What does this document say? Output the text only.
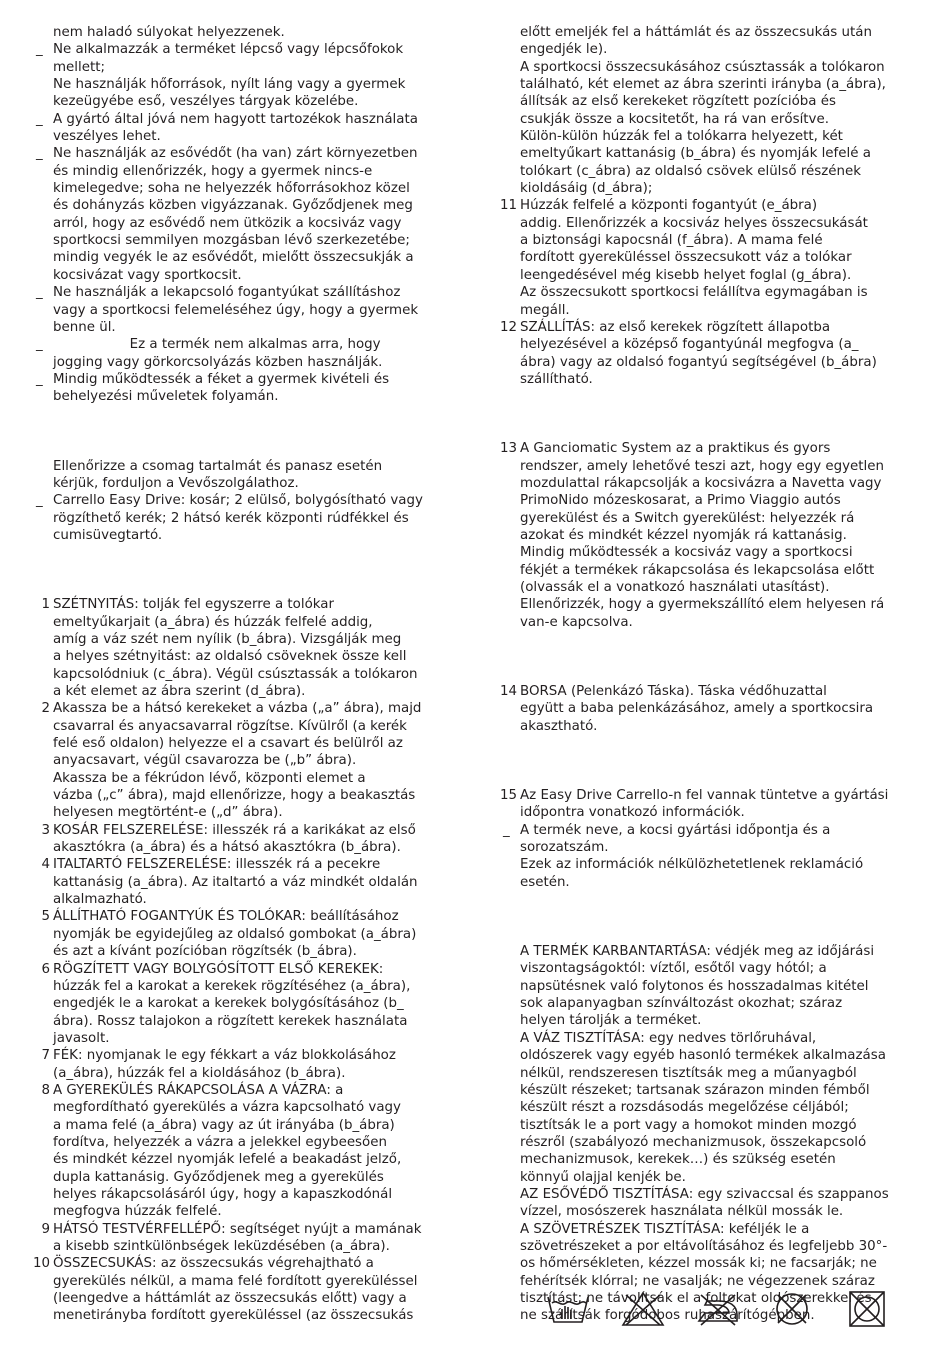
nem haladó súlyokat helyezzenek.
_ Ne alkalmazzák a terméket lépcső vagy lépcsőfokok
mellett;
Ne használják hőforrások, nyílt láng vagy a gyermek
kezeügyébe eső, veszélyes tárgyak közelébe.
_ A gyártó által jóvá nem hagyott tartozékok használata
veszélyes lehet.
_ Ne használják az esővédőt (ha van) zárt környezetben
és mindig ellenőrizzék, hogy a gyermek nincs-e
kimelegedve; soha ne helyezzék hőforrásokhoz közel
és dohányzás közben vigyázzanak. Győződjenek meg
arról, hogy az esővédő nem ütközik a kocsiváz vagy
sportkocsi semmilyen mozgásban lévő szerkezetébe;
mindig vegyék le az esővédőt, mielőtt összecsukják a
kocsivázat vagy sportkocsit.
_ Ne használják a lekapcsoló fogantyúkat szállításhoz
vagy a sportkocsi felemeléséhez úgy, hogy a gyermek
benne ül.
_ Ez a termék nem alkalmas arra, hogy
jogging vagy görkorcsolyázás közben használják.
_ Mindig működtessék a féket a gyermek kivételi és
behelyezési műveletek folyamán.
Ellenőrizze a csomag tartalmát és panasz esetén
kérjük, forduljon a Vevőszolgálathoz.
_ Carrello Easy Drive: kosár; 2 elülső, bolygósítható vagy
rögzíthető kerék; 2 hátsó kerék központi rúdfékkel és
cumisüvegtartó.
1 SZÉTNYITÁS: tolják fel egyszerre a tolókar
emeltyűkarjait (a_ábra) és húzzák felfelé addig,
amíg a váz szét nem nyílik (b_ábra). Vizsgálják meg
a helyes szétnyitást: az oldalsó csöveknek össze kell
kapcsolódniuk (c_ábra). Végül csúsztassák a tolókaron
a két elemet az ábra szerint (d_ábra).
2 Akassza be a hátsó kerekeket a vázba („a” ábra), majd
csavarral és anyacsavarral rögzítse. Kívülről (a kerék
felé eső oldalon) helyezze el a csavart és belülről az
anyacsavart, végül csavarozza be („b” ábra).
Akassza be a fékrúdon lévő, központi elemet a
vázba („c” ábra), majd ellenőrizze, hogy a beakasztás
helyesen megtörtént-e („d” ábra).
3 KOSÁR FELSZERELÉSE: illesszék rá a karikákat az első
akasztókra (a_ábra) és a hátsó akasztókra (b_ábra).
4 ITALTARTÓ FELSZERELÉSE: illesszék rá a pecekre
kattanásig (a_ábra). Az italtartó a váz mindkét oldalán
alkalmazható.
5 ÁLLÍTHATÓ FOGANTYÚK ÉS TOLÓKAR: beállításához
nyomják be egyidejűleg az oldalsó gombokat (a_ábra)
és azt a kívánt pozícióban rögzítsék (b_ábra).
6 RÖGZÍTETT VAGY BOLYGÓSÍTOTT ELSŐ KEREKEK:
húzzák fel a karokat a kerekek rögzítéséhez (a_ábra),
engedjék le a karokat a kerekek bolygósításához (b_
ábra). Rossz talajokon a rögzített kerekek használata
javasolt.
7 FÉK: nyomjanak le egy fékkart a váz blokkolásához
(a_ábra), húzzák fel a kioldásához (b_ábra).
8 A GYEREKÜLÉS RÁKAPCSOLÁSA A VÁZRA: a
megfordítható gyerekülés a vázra kapcsolható vagy
a mama felé (a_ábra) vagy az út irányába (b_ábra)
fordítva, helyezzék a vázra a jelekkel egybeesően
és mindkét kézzel nyomják lefelé a beakadást jelző,
dupla kattanásig. Győződjenek meg a gyerekülés
helyes rákapcsolásáról úgy, hogy a kapaszkodónál
megfogva húzzák felfelé.
9 HÁTSÓ TESTVÉRFELLÉPŐ: segítséget nyújt a mamának
a kisebb szintkülönbségek leküzdésében (a_ábra).
10 ÖSSZECSUKÁS: az összecsukás végrehajtható a
gyerekülés nélkül, a mama felé fordított gyereküléssel
(leengedve a háttámlát az összecsukás előtt) vagy a
menetirányba fordított gyereküléssel (az összecsukás
előtt emeljék fel a háttámlát és az összecsukás után
engedjék le).
A sportkocsi összecsukásához csúsztassák a tolókaron
található, két elemet az ábra szerinti irányba (a_ábra),
állítsák az első kerekeket rögzített pozícióba és
csukják össze a kocsitetőt, ha rá van erősítve.
Külön-külön húzzák fel a tolókarra helyezett, két
emeltyűkart kattanásig (b_ábra) és nyomják lefelé a
tolókart (c_ábra) az oldalsó csövek elülső részének
kioldásáig (d_ábra);
11 Húzzák felfelé a központi fogantyút (e_ábra)
addig. Ellenőrizzék a kocsiváz helyes összecsukását
a biztonsági kapocsnál (f_ábra). A mama felé
fordított gyereküléssel összecsukott váz a tolókar
leengedésével még kisebb helyet foglal (g_ábra).
Az összecsukott sportkocsi felállítva egymagában is
megáll.
12 SZÁLLÍTÁS: az első kerekek rögzített állapotba
helyezésével a középső fogantyúnál megfogva (a_
ábra) vagy az oldalsó fogantyú segítségével (b_ábra)
szállítható.
13 A Ganciomatic System az a praktikus és gyors
rendszer, amely lehetővé teszi azt, hogy egy egyetlen
mozdulattal rákapcsolják a kocsivázra a Navetta vagy
PrimoNido mózeskosarat, a Primo Viaggio autós
gyerekülést és a Switch gyerekülést: helyezzék rá
azokat és mindkét kézzel nyomják rá kattanásig.
Mindig működtessék a kocsiváz vagy a sportkocsi
fékjét a termékek rákapcsolása és lekapcsolása előtt
(olvassák el a vonatkozó használati utasítást).
Ellenőrizzék, hogy a gyermekszállító elem helyesen rá
van-e kapcsolva.
14 BORSA (Pelenkázó Táska). Táska védőhuzattal
együtt a baba pelenkázásához, amely a sportkocsira
akasztható.
15 Az Easy Drive Carrello-n fel vannak tüntetve a gyártási
időpontra vonatkozó információk.
_ A termék neve, a kocsi gyártási időpontja és a
sorozatszám.
Ezek az információk nélkülözhetetlenek reklamáció
esetén.
A TERMÉK KARBANTARTÁSA: védjék meg az időjárási
viszontagságoktól: víztől, esőtől vagy hótól; a
napsütésnek való folytonos és hosszadalmas kitétel
sok alapanyagban színváltozást okozhat; száraz
helyen tárolják a terméket.
A VÁZ TISZTÍTÁSA: egy nedves törlőruhával,
oldószerek vagy egyéb hasonló termékek alkalmazása
nélkül, rendszeresen tisztítsák meg a műanyagból
készült részeket; tartsanak szárazon minden fémből
készült részt a rozsdásodás megelőzése céljából;
tisztítsák le a port vagy a homokot minden mozgó
részről (szabályozó mechanizmusok, összekapcsoló
mechanizmusok, kerekek…) és szükség esetén
könnyű olajjal kenjék be.
AZ ESŐVÉDŐ TISZTÍTÁSA: egy szivaccsal és szappanos
vízzel, mosószerek használata nélkül mossák le.
A SZÖVETRÉSZEK TISZTÍTÁSA: keféljék le a
szövetrészeket a por eltávolításához és legfeljebb 30°-
os hőmérsékleten, kézzel mossák ki; ne facsarják; ne
fehérítsék klórral; ne vasalják; ne végezzenek száraz
tisztítást; ne távolítsák el a foltokat oldószerekkel és
ne szárítsák forgódobos ruhaszárítógépben.
